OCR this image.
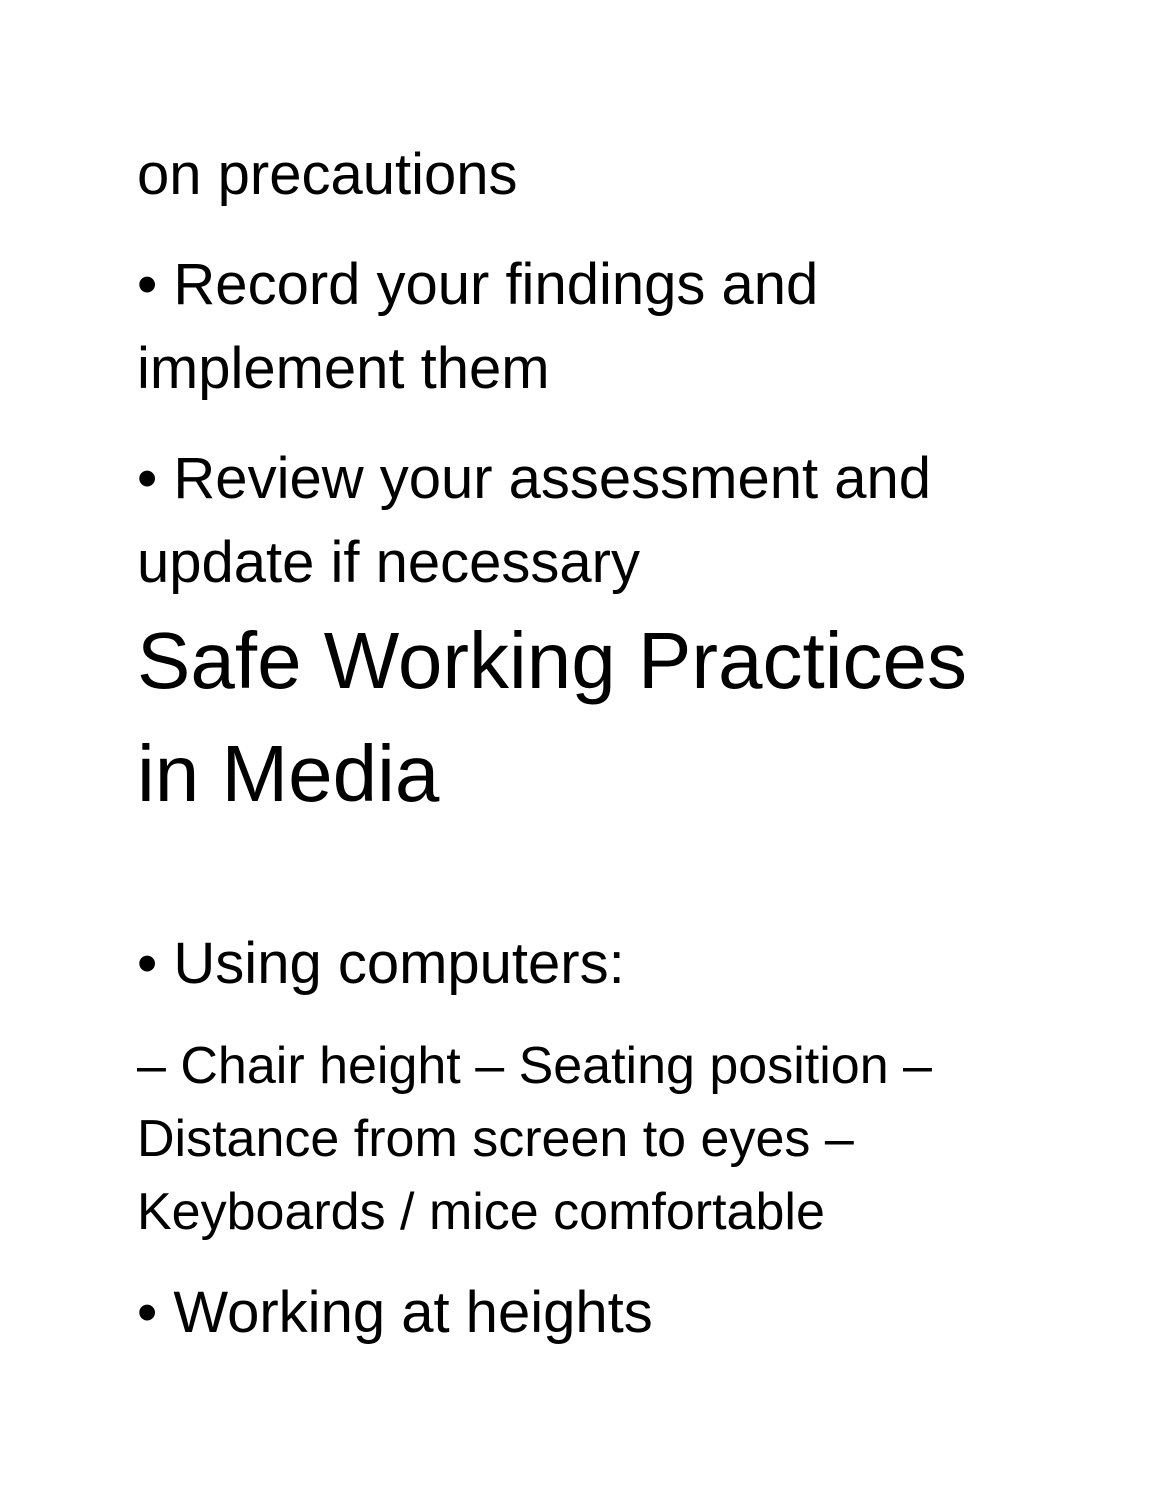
on precautions

• Record your findings and

implement them

• Review your assessment and

update if necessary

Safe Working Practices
in Media

• Using computers:

– Chair height – Seating position –

Distance from screen to eyes –

Keyboards / mice comfortable

• Working at heights
